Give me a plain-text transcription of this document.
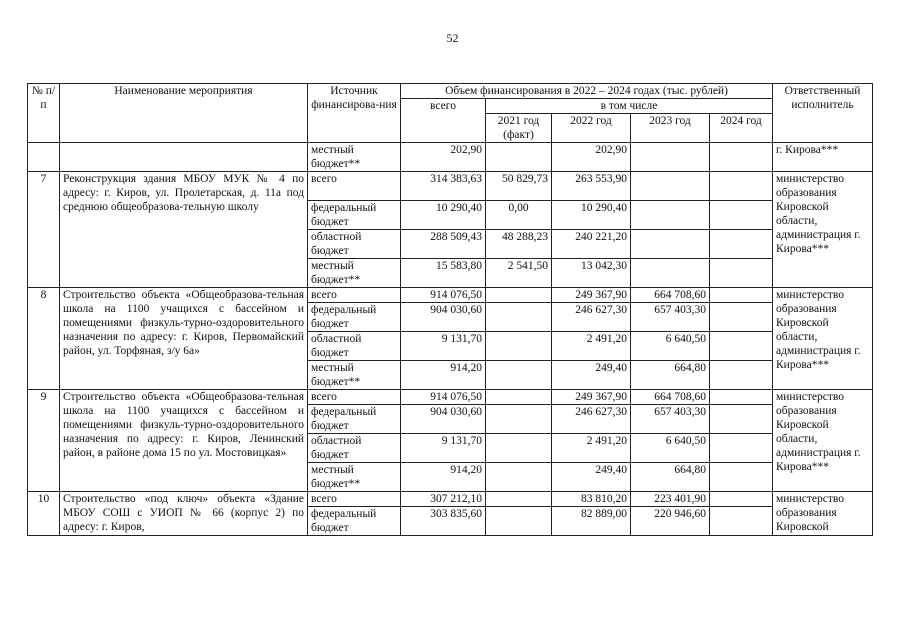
52
№ п/п	Наименование мероприятия	Источник финансирова-ния	Объем финансирования в 2022 – 2024 годах (тыс. рублей)					Ответственный исполнитель
			всего	в том числе				
				2021 год (факт)	2022 год	2023 год	2024 год	
		местный бюджет**	202,90		202,90			г. Кирова***
7	Реконструкция здания МБОУ МУК № 4 по адресу: г. Киров, ул. Пролетарская, д. 11а под среднюю общеобразова-тельную школу	всего	314 383,63	50 829,73	263 553,90			министерство образования Кировской области, администрация г. Кирова***
		федеральный бюджет	10 290,40	0,00	10 290,40			
		областной бюджет	288 509,43	48 288,23	240 221,20			
		местный бюджет**	15 583,80	2 541,50	13 042,30			
8	Строительство объекта «Общеобразова-тельная школа на 1100 учащихся с бассейном и помещениями физкуль-турно-оздоровительного назначения по адресу: г. Киров, Первомайский район, ул. Торфяная, з/у 6а»	всего	914 076,50		249 367,90	664 708,60		министерство образования Кировской области, администрация г. Кирова***
		федеральный бюджет	904 030,60		246 627,30	657 403,30		
		областной бюджет	9 131,70		2 491,20	6 640,50		
		местный бюджет**	914,20		249,40	664,80		
9	Строительство объекта «Общеобразова-тельная школа на 1100 учащихся с бассейном и помещениями физкуль-турно-оздоровительного назначения по адресу: г. Киров, Ленинский район, в районе дома 15 по ул. Мостовицкая»	всего	914 076,50		249 367,90	664 708,60		министерство образования Кировской области, администрация г. Кирова***
		федеральный бюджет	904 030,60		246 627,30	657 403,30		
		областной бюджет	9 131,70		2 491,20	6 640,50		
		местный бюджет**	914,20		249,40	664,80		
10	Строительство «под ключ» объекта «Здание МБОУ СОШ с УИОП № 66 (корпус 2) по адресу: г. Киров,	всего	307 212,10		83 810,20	223 401,90		министерство образования Кировской
		федеральный бюджет	303 835,60		82 889,00	220 946,60		
